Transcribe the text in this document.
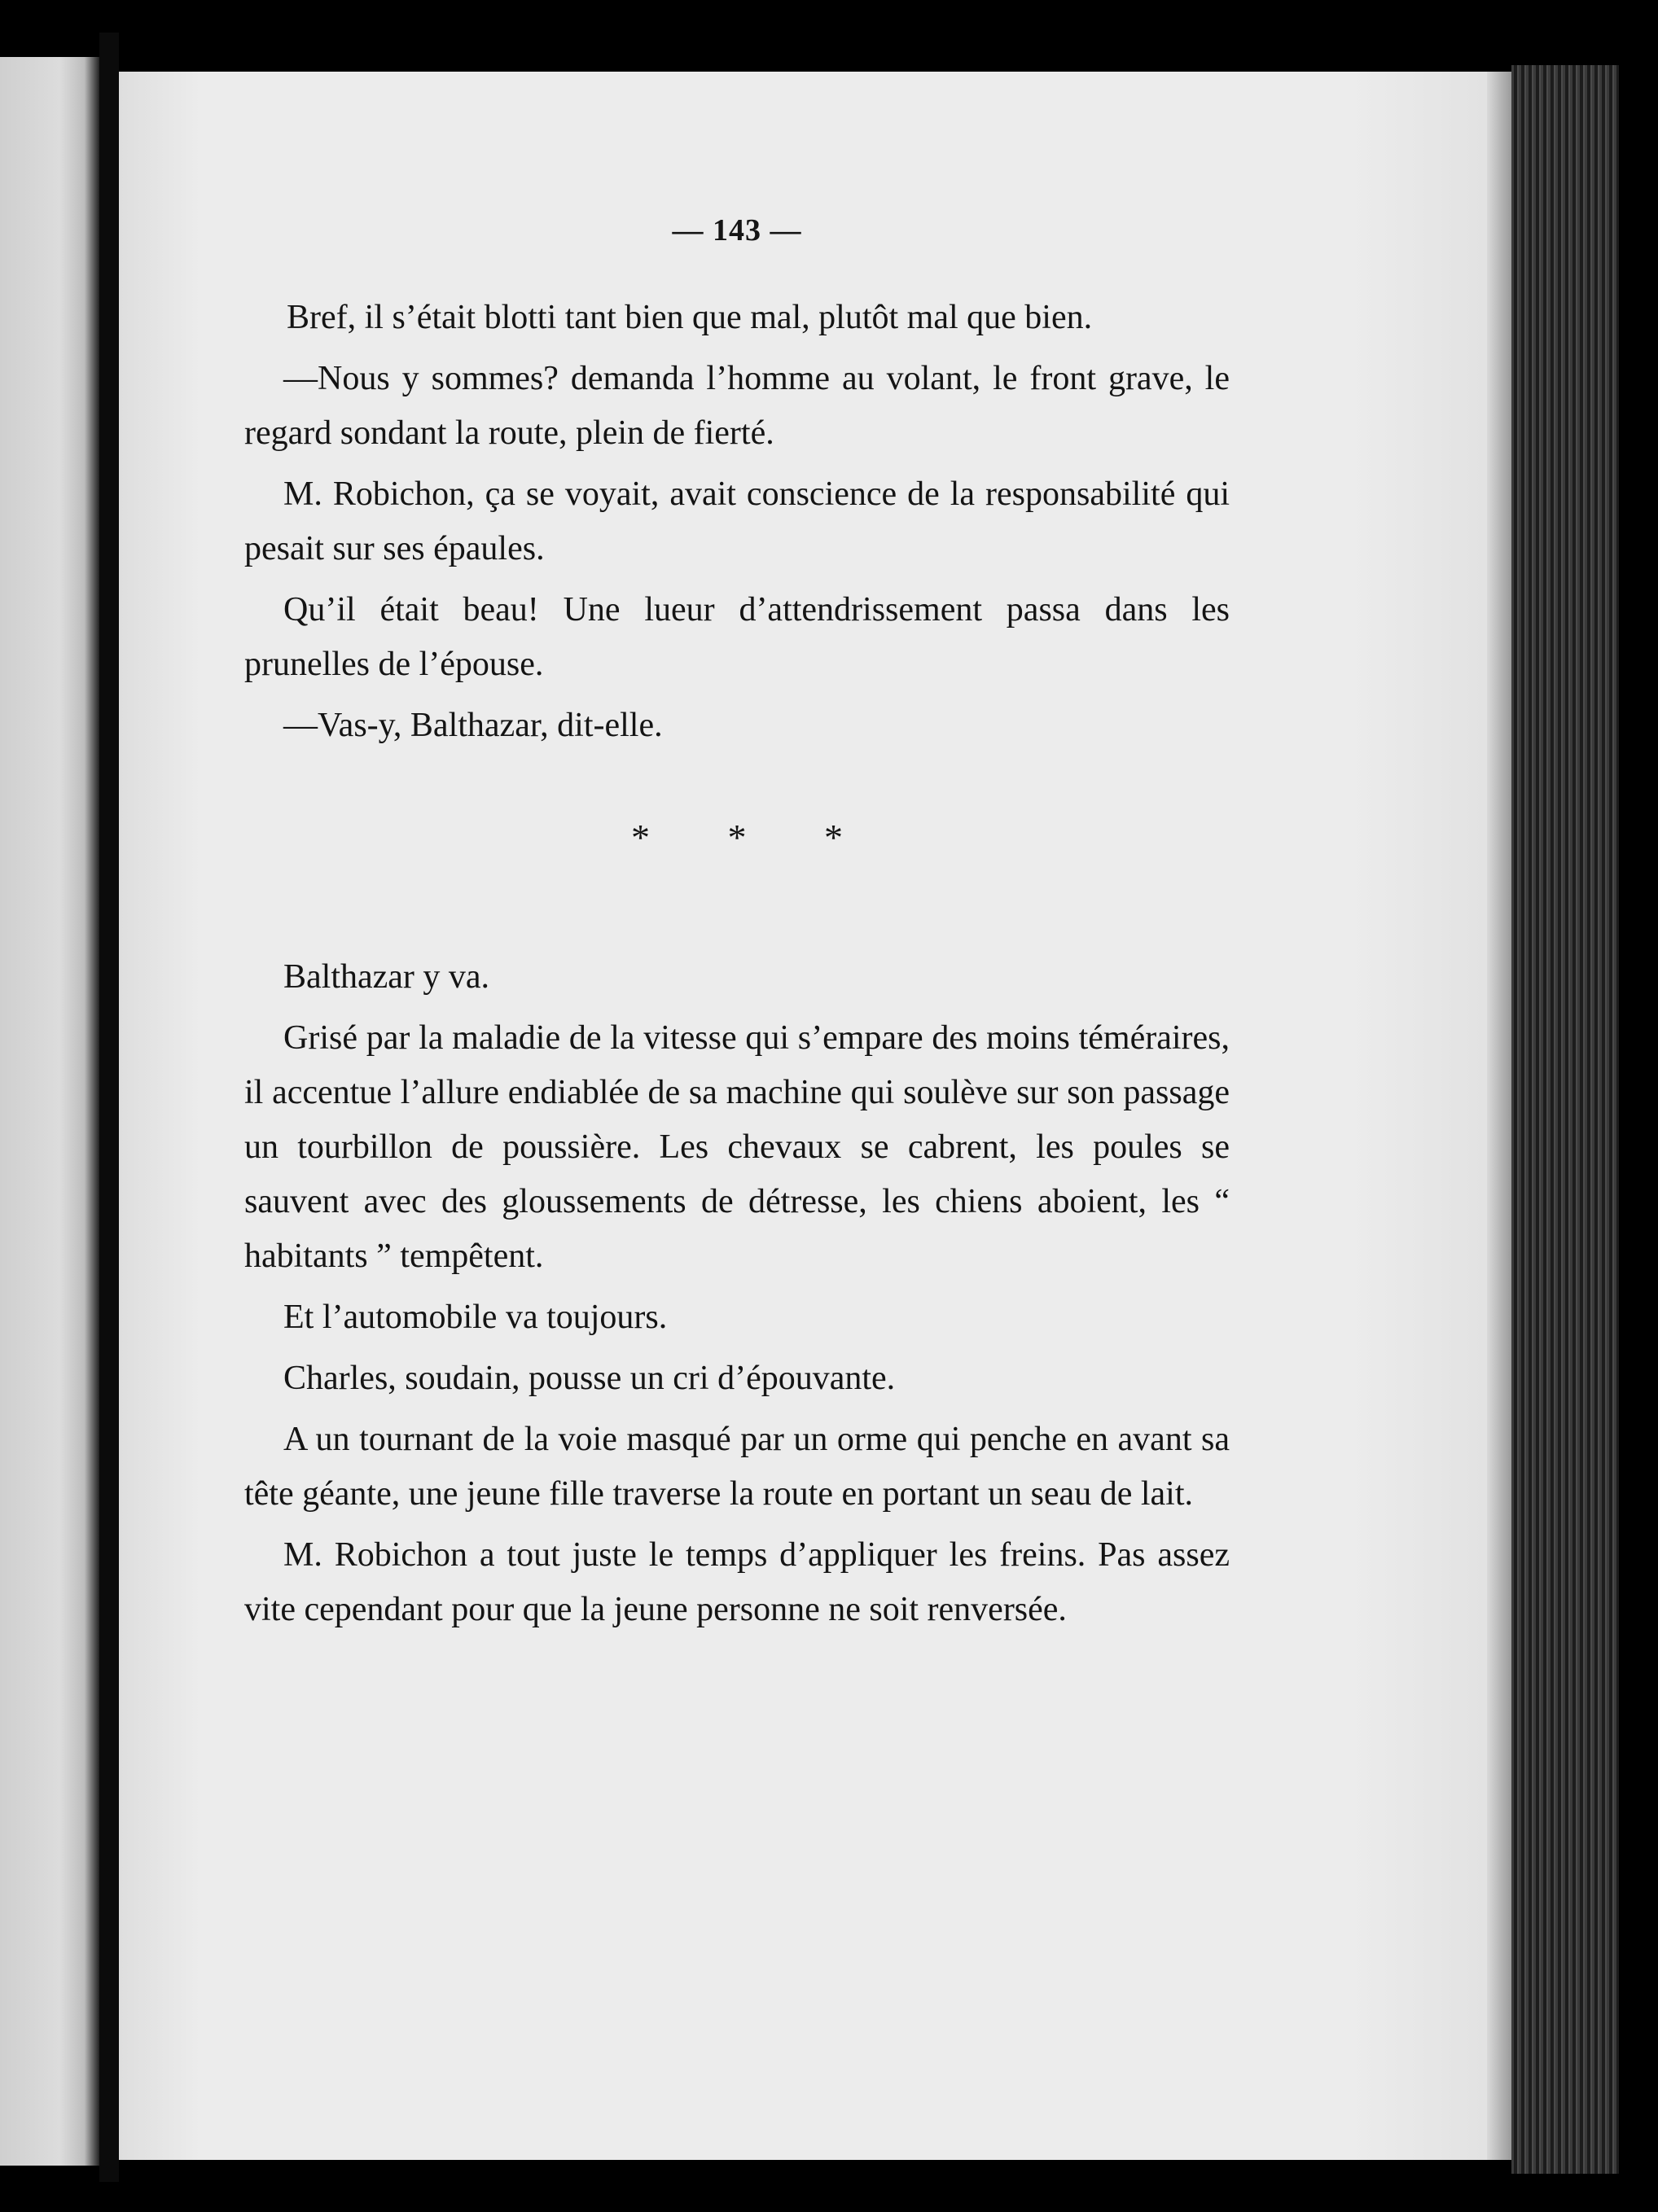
— 143 —

Bref, il s’était blotti tant bien que mal, plutôt mal que bien.

—Nous y sommes? demanda l’homme au volant, le front grave, le regard sondant la route, plein de fierté.

M. Robichon, ça se voyait, avait conscience de la responsabilité qui pesait sur ses épaules.

Qu’il était beau! Une lueur d’attendrissement passa dans les prunelles de l’épouse.

—Vas-y, Balthazar, dit-elle.

* * *

Balthazar y va.

Grisé par la maladie de la vitesse qui s’empare des moins téméraires, il accentue l’allure endiablée de sa machine qui soulève sur son passage un tourbillon de poussière. Les chevaux se cabrent, les poules se sauvent avec des gloussements de détresse, les chiens aboient, les “ habitants ” tempêtent.

Et l’automobile va toujours.

Charles, soudain, pousse un cri d’épouvante.

A un tournant de la voie masqué par un orme qui penche en avant sa tête géante, une jeune fille traverse la route en portant un seau de lait.

M. Robichon a tout juste le temps d’appliquer les freins. Pas assez vite cependant pour que la jeune personne ne soit renversée.
